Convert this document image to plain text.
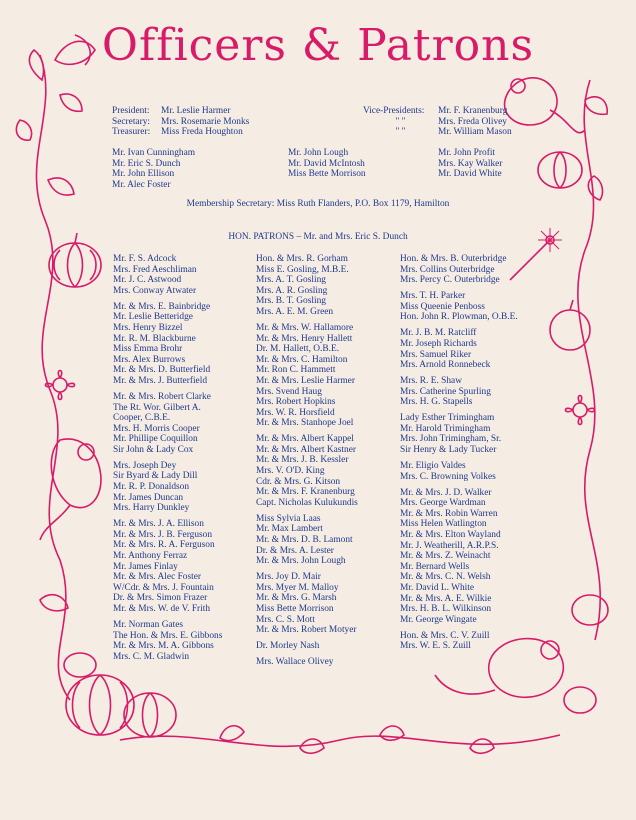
Officers & Patrons
President: Mr. Leslie Harmer
Secretary: Mrs. Rosemarie Monks
Treasurer: Miss Freda Houghton
Vice-Presidents: Mr. F. Kranenburg
" "	Mrs. Freda Olivey
" "	Mr. William Mason
Mr. Ivan Cunningham
Mr. Eric S. Dunch
Mr. John Ellison
Mr. Alec Foster
Mr. John Lough
Mr. David McIntosh
Miss Bette Morrison
Mr. John Profit
Mrs. Kay Walker
Mr. David White
Membership Secretary: Miss Ruth Flanders, P.O. Box 1179, Hamilton
HON. PATRONS – Mr. and Mrs. Eric S. Dunch
Mr. F. S. Adcock
Mrs. Fred Aeschliman
Mr. J. C. Astwood
Mrs. Conway Atwater
Mr. & Mrs. E. Bainbridge
Mr. Leslie Betteridge
Mrs. Henry Bizzel
Mr. R. M. Blackburne
Miss Emma Brohr
Mrs. Alex Burrows
Mr. & Mrs. D. Butterfield
Mr. & Mrs. J. Butterfield
Mr. & Mrs. Robert Clarke
The Rt. Wor. Gilbert A.
Cooper, C.B.E.
Mrs. H. Morris Cooper
Mr. Phillipe Coquillon
Sir John & Lady Cox
Mrs. Joseph Dey
Sir Byard & Lady Dill
Mr. R. P. Donaldson
Mr. James Duncan
Mrs. Harry Dunkley
Mr. & Mrs. J. A. Ellison
Mr. & Mrs. J. B. Ferguson
Mr. & Mrs. R. A. Ferguson
Mr. Anthony Ferraz
Mr. James Finlay
Mr. & Mrs. Alec Foster
W/Cdr. & Mrs. J. Fountain
Dr. & Mrs. Simon Frazer
Mr. & Mrs. W. de V. Frith
Mr. Norman Gates
The Hon. & Mrs. E. Gibbons
Mr. & Mrs. M. A. Gibbons
Mrs. C. M. Gladwin
Hon. & Mrs. R. Gorham
Miss E. Gosling, M.B.E.
Mrs. A. T. Gosling
Mrs. A. R. Gosling
Mrs. B. T. Gosling
Mrs. A. E. M. Green
Mr. & Mrs. W. Hallamore
Mr. & Mrs. Henry Hallett
Dr. M. Hallett, O.B.E.
Mr. & Mrs. C. Hamilton
Mr. Ron C. Hammett
Mr. & Mrs. Leslie Harmer
Mrs. Svend Haug
Mrs. Robert Hopkins
Mrs. W. R. Horsfield
Mr. & Mrs. Stanhope Joel
Mr. & Mrs. Albert Kappel
Mr. & Mrs. Albert Kastner
Mr. & Mrs. J. B. Kessler
Mrs. V. O'D. King
Cdr. & Mrs. G. Kitson
Mr. & Mrs. F. Kranenburg
Capt. Nicholas Kulukundis
Miss Sylvia Laas
Mr. Max Lambert
Mr. & Mrs. D. B. Lamont
Dr. & Mrs. A. Lester
Mr. & Mrs. John Lough
Mrs. Joy D. Mair
Mrs. Myer M. Malloy
Mr. & Mrs. G. Marsh
Miss Bette Morrison
Mrs. C. S. Mott
Mr. & Mrs. Robert Motyer
Dr. Morley Nash
Mrs. Wallace Olivey
Hon. & Mrs. B. Outerbridge
Mrs. Collins Outerbridge
Mrs. Percy C. Outerbridge
Mrs. T. H. Parker
Miss Queenie Penboss
Hon. John R. Plowman, O.B.E.
Mr. J. B. M. Ratcliff
Mr. Joseph Richards
Mrs. Samuel Riker
Mrs. Arnold Ronnebeck
Mrs. R. E. Shaw
Mrs. Catherine Spurling
Mrs. H. G. Stapells
Lady Esther Trimingham
Mr. Harold Trimingham
Mrs. John Trimingham, Sr.
Sir Henry & Lady Tucker
Mr. Eligio Valdes
Mrs. C. Browning Volkes
Mr. & Mrs. J. D. Walker
Mrs. George Wardman
Mr. & Mrs. Robin Warren
Miss Helen Watlington
Mr. & Mrs. Elton Wayland
Mr. J. Weatherill, A.R.P.S.
Mr. & Mrs. Z. Weinacht
Mr. Bernard Wells
Mr. & Mrs. C. N. Welsh
Mr. David L. White
Mr. & Mrs. A. E. Wilkie
Mrs. H. B. L. Wilkinson
Mr. George Wingate
Hon. & Mrs. C. V. Zuill
Mrs. W. E. S. Zuill
